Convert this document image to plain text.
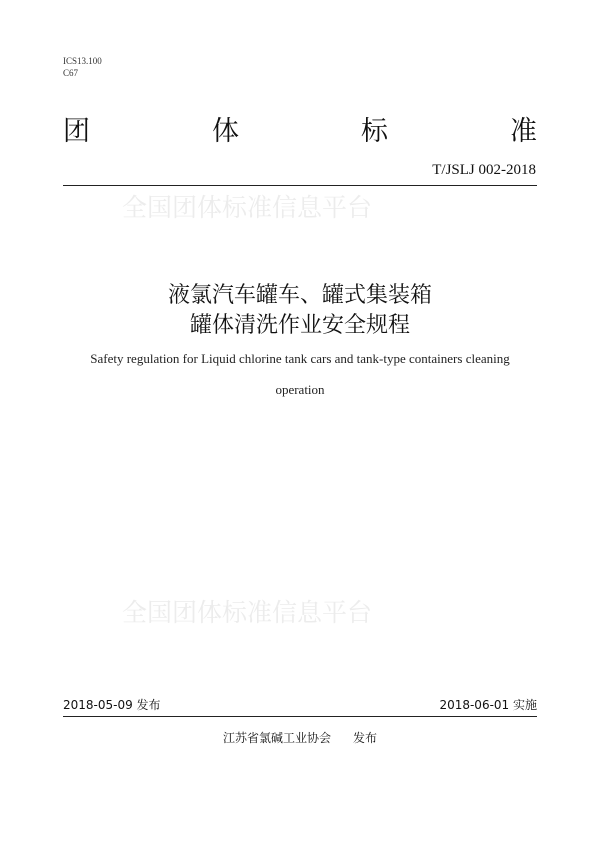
ICS13.100
C67
团	体	标	准
T/JSLJ 002-2018
全国团体标准信息平台
液氯汽车罐车、罐式集装箱
罐体清洗作业安全规程
Safety regulation for Liquid chlorine tank cars and tank-type containers cleaning
operation
全国团体标准信息平台
2018-05-09 发布	2018-06-01 实施
江苏省氯碱工业协会 发布
